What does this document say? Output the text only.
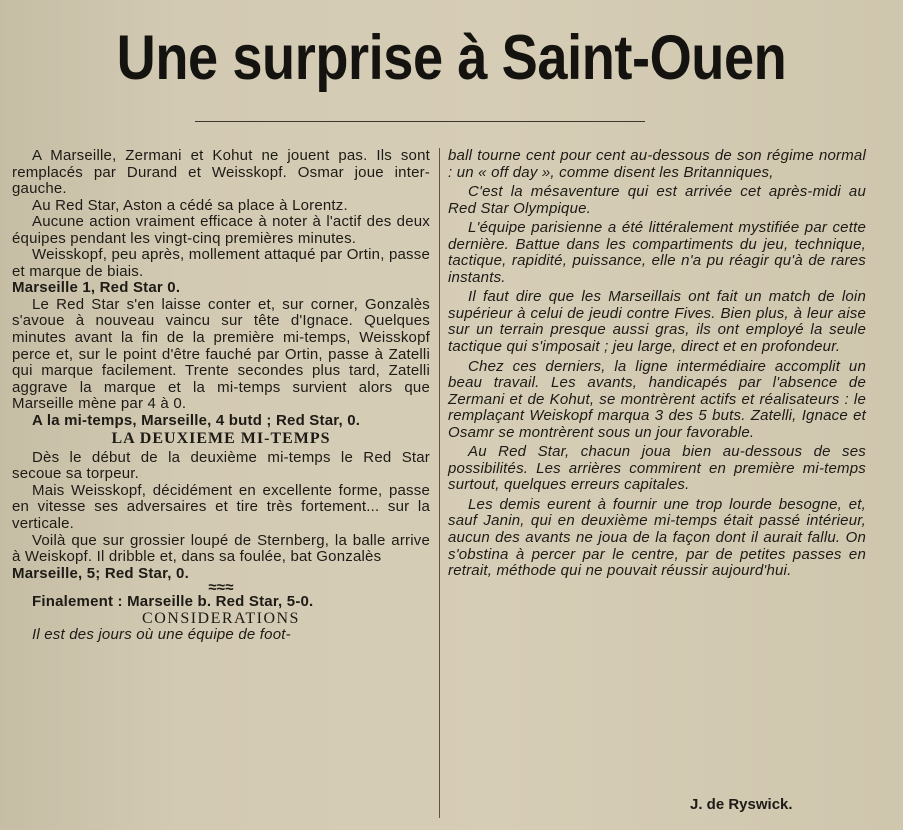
Une surprise à Saint-Ouen

A Marseille, Zermani et Kohut ne jouent pas. Ils sont remplacés par Durand et Weisskopf. Osmar joue inter-gauche.

Au Red Star, Aston a cédé sa place à Lorentz.

Aucune action vraiment efficace à noter à l'actif des deux équipes pendant les vingt-cinq premières minutes.

Weisskopf, peu après, mollement attaqué par Ortin, passe et marque de biais.

Marseille 1, Red Star 0.

Le Red Star s'en laisse conter et, sur corner, Gonzalès s'avoue à nouveau vaincu sur tête d'Ignace. Quelques minutes avant la fin de la première mi-temps, Weisskopf perce et, sur le point d'être fauché par Ortin, passe à Zatelli qui marque facilement. Trente secondes plus tard, Zatelli aggrave la marque et la mi-temps survient alors que Marseille mène par 4 à 0.

A la mi-temps, Marseille, 4 butd ; Red Star, 0.

LA DEUXIEME MI-TEMPS

Dès le début de la deuxième mi-temps le Red Star secoue sa torpeur.

Mais Weisskopf, décidément en excellente forme, passe en vitesse ses adversaires et tire très fortement... sur la verticale.

Voilà que sur grossier loupé de Sternberg, la balle arrive à Weiskopf. Il dribble et, dans sa foulée, bat Gonzalès

Marseille, 5; Red Star, 0.

≈≈≈

Finalement : Marseille b. Red Star, 5-0.

CONSIDERATIONS

Il est des jours où une équipe de foot-

ball tourne cent pour cent au-dessous de son régime normal : un « off day », comme disent les Britanniques,

C'est la mésaventure qui est arrivée cet après-midi au Red Star Olympique.

L'équipe parisienne a été littéralement mystifiée par cette dernière. Battue dans les compartiments du jeu, technique, tactique, rapidité, puissance, elle n'a pu réagir qu'à de rares instants.

Il faut dire que les Marseillais ont fait un match de loin supérieur à celui de jeudi contre Fives. Bien plus, à leur aise sur un terrain presque aussi gras, ils ont employé la seule tactique qui s'imposait ; jeu large, direct et en profondeur.

Chez ces derniers, la ligne intermédiaire accomplit un beau travail. Les avants, handicapés par l'absence de Zermani et de Kohut, se montrèrent actifs et réalisateurs : le remplaçant Weiskopf marqua 3 des 5 buts. Zatelli, Ignace et Osamr se montrèrent sous un jour favorable.

Au Red Star, chacun joua bien au-dessous de ses possibilités. Les arrières commirent en première mi-temps surtout, quelques erreurs capitales.

Les demis eurent à fournir une trop lourde besogne, et, sauf Janin, qui en deuxième mi-temps était passé intérieur, aucun des avants ne joua de la façon dont il aurait fallu. On s'obstina à percer par le centre, par de petites passes en retrait, méthode qui ne pouvait réussir aujourd'hui.

J. de Ryswick.
